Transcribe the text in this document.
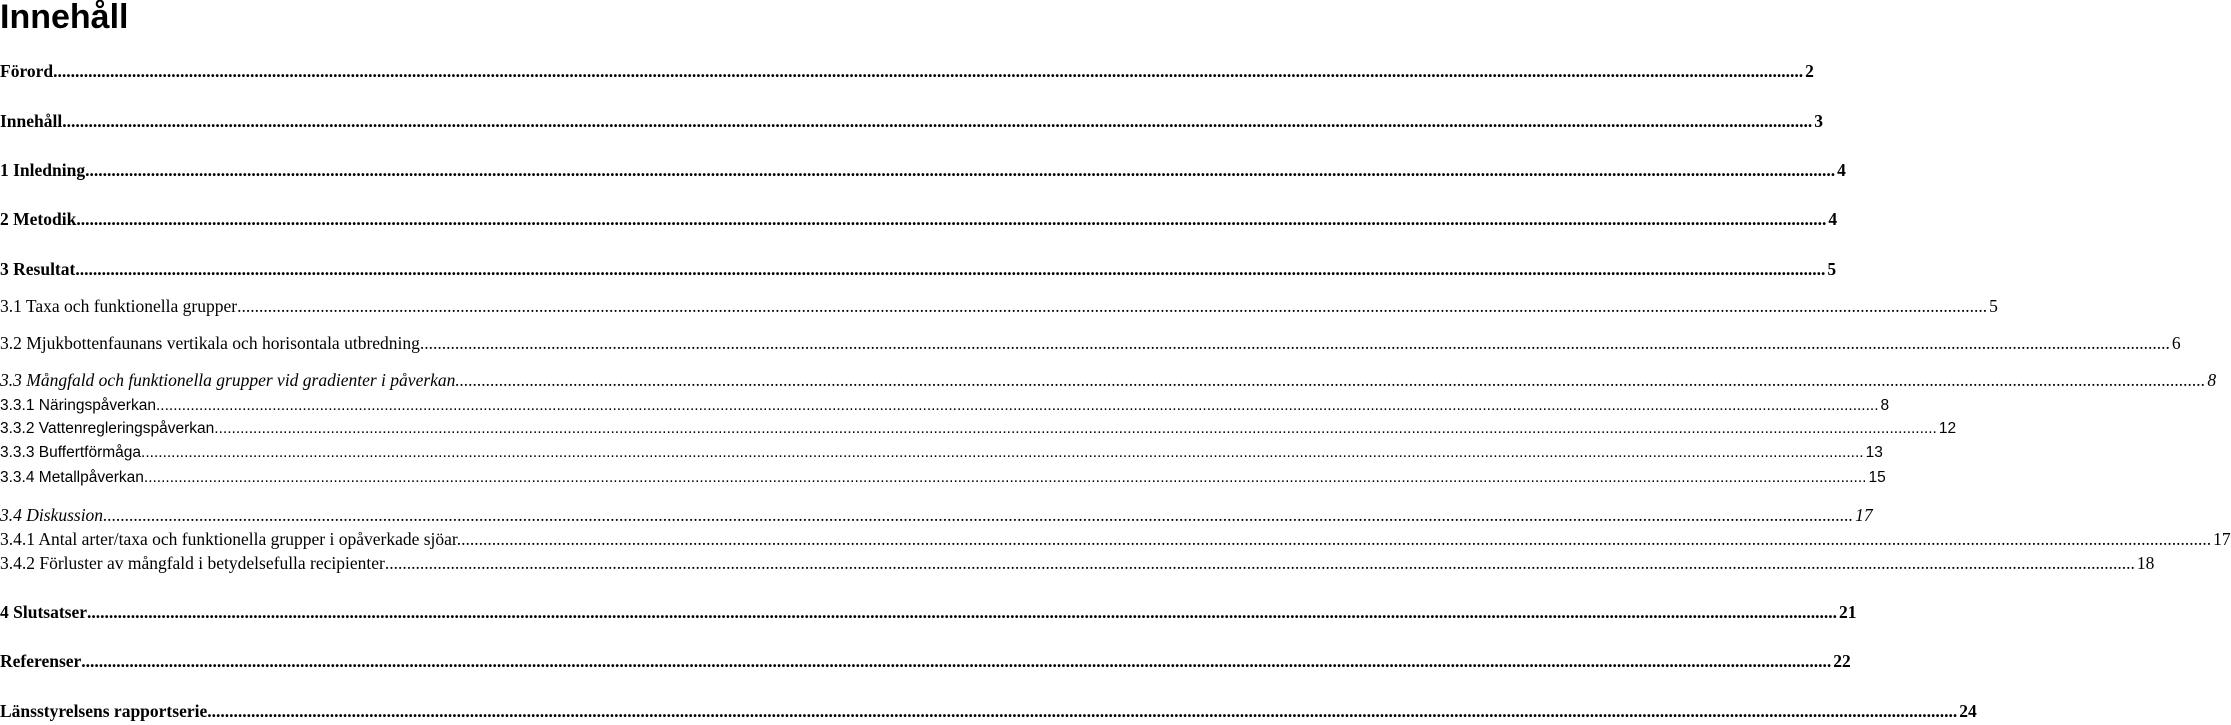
Innehåll
Förord ................................................................................................................................................................................................................................................................................................................................................................................................................ 2
Innehåll ................................................................................................................................................................................................................................................................................................................................................................................................................ 3
1 Inledning ................................................................................................................................................................................................................................................................................................................................................................................................................ 4
2 Metodik ................................................................................................................................................................................................................................................................................................................................................................................................................ 4
3 Resultat ................................................................................................................................................................................................................................................................................................................................................................................................................ 5
3.1 Taxa och funktionella grupper ................................................................................................................................................................................................................................................................................................................................................................................................................ 5
3.2 Mjukbottenfaunans vertikala och horisontala utbredning ................................................................................................................................................................................................................................................................................................................................................................................................................ 6
3.3 Mångfald och funktionella grupper vid gradienter i påverkan ................................................................................................................................................................................................................................................................................................................................................................................................................ 8
3.3.1 Näringspåverkan ................................................................................................................................................................................................................................................................................................................................................................................................................ 8
3.3.2 Vattenregleringspåverkan ................................................................................................................................................................................................................................................................................................................................................................................................................ 12
3.3.3 Buffertförmåga ................................................................................................................................................................................................................................................................................................................................................................................................................ 13
3.3.4 Metallpåverkan ................................................................................................................................................................................................................................................................................................................................................................................................................ 15
3.4 Diskussion ................................................................................................................................................................................................................................................................................................................................................................................................................ 17
3.4.1 Antal arter/taxa och funktionella grupper i opåverkade sjöar. ................................................................................................................................................................................................................................................................................................................................................................................................................ 17
3.4.2 Förluster av mångfald i betydelsefulla recipienter ................................................................................................................................................................................................................................................................................................................................................................................................................ 18
4 Slutsatser ................................................................................................................................................................................................................................................................................................................................................................................................................ 21
Referenser ................................................................................................................................................................................................................................................................................................................................................................................................................ 22
Länsstyrelsens rapportserie ................................................................................................................................................................................................................................................................................................................................................................................................................ 24
